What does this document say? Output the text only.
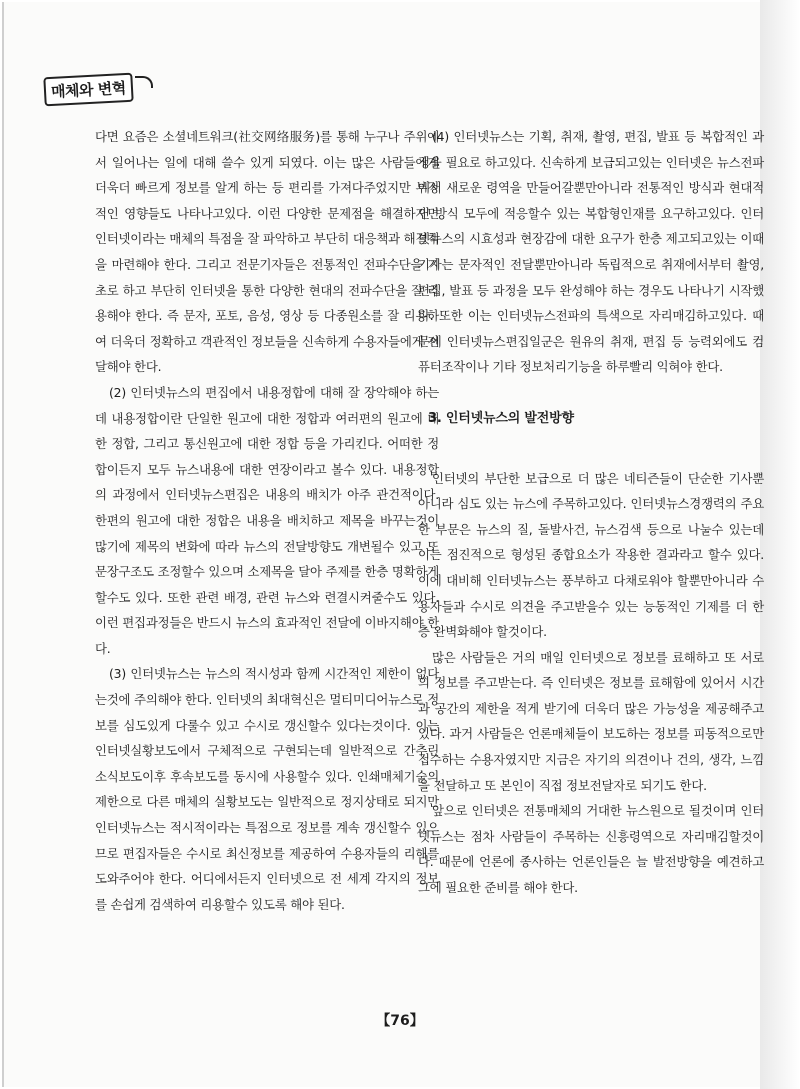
매체와 변혁

다면 요즘은 소셜네트워크(社交网络服务)를 통해 누구나 주위에서 일어나는 일에 대해 쓸수 있게 되였다. 이는 많은 사람들에게 더욱더 빠르게 정보를 알게 하는 등 편리를 가져다주었지만 부정적인 영향들도 나타나고있다. 이런 다양한 문제점을 해결하자면 인터넷이라는 매체의 특점을 잘 파악하고 부단히 대응책과 해결책을 마련해야 한다. 그리고 전문기자들은 전통적인 전파수단을 기초로 하고 부단히 인터넷을 통한 다양한 현대의 전파수단을 잘 리용해야 한다. 즉 문자, 포토, 음성, 영상 등 다종원소를 잘 리용하여 더욱더 정확하고 객관적인 정보들을 신속하게 수용자들에게 전달해야 한다.

(2) 인터넷뉴스의 편집에서 내용정합에 대해 잘 장악해야 하는데 내용정합이란 단일한 원고에 대한 정합과 여러편의 원고에 대한 정합, 그리고 통신원고에 대한 정합 등을 가리킨다. 어떠한 정합이든지 모두 뉴스내용에 대한 연장이라고 볼수 있다. 내용정합의 과정에서 인터넷뉴스편집은 내용의 배치가 아주 관건적이다. 한편의 원고에 대한 정합은 내용을 배치하고 제목을 바꾸는것이 많기에 제목의 변화에 따라 뉴스의 전달방향도 개변될수 있고 또 문장구조도 조정할수 있으며 소제목을 달아 주제를 한층 명확하게 할수도 있다. 또한 관련 배경, 관련 뉴스와 련결시켜줄수도 있다. 이런 편집과정들은 반드시 뉴스의 효과적인 전달에 이바지해야 한다.

(3) 인터넷뉴스는 뉴스의 적시성과 함께 시간적인 제한이 없다는것에 주의해야 한다. 인터넷의 최대혁신은 멀티미디어뉴스로 정보를 심도있게 다룰수 있고 수시로 갱신할수 있다는것이다. 이는 인터넷실황보도에서 구체적으로 구현되는데 일반적으로 간추린 소식보도이후 후속보도를 동시에 사용할수 있다. 인쇄매체기술의 제한으로 다른 매체의 실황보도는 일반적으로 정지상태로 되지만 인터넷뉴스는 적시적이라는 특점으로 정보를 계속 갱신할수 있으므로 편집자들은 수시로 최신정보를 제공하여 수용자들의 리해를 도와주어야 한다. 어디에서든지 인터넷으로 전 세계 각지의 정보를 손쉽게 검색하여 리용할수 있도록 해야 된다.

(4) 인터넷뉴스는 기획, 취재, 촬영, 편집, 발표 등 복합적인 과정을 필요로 하고있다. 신속하게 보급되고있는 인터넷은 뉴스전파에서 새로운 령역을 만들어갈뿐만아니라 전통적인 방식과 현대적인 방식 모두에 적응할수 있는 복합형인재를 요구하고있다. 인터넷뉴스의 시효성과 현장감에 대한 요구가 한층 제고되고있는 이때 기자는 문자적인 전달뿐만아니라 독립적으로 취재에서부터 촬영, 편집, 발표 등 과정을 모두 완성해야 하는 경우도 나타나기 시작했다. 또한 이는 인터넷뉴스전파의 특색으로 자리매김하고있다. 때문에 인터넷뉴스편집일군은 원유의 취재, 편집 등 능력외에도 컴퓨터조작이나 기타 정보처리기능을 하루빨리 익혀야 한다.

3. 인터넷뉴스의 발전방향

인터넷의 부단한 보급으로 더 많은 네티즌들이 단순한 기사뿐아니라 심도 있는 뉴스에 주목하고있다. 인터넷뉴스경쟁력의 주요한 부문은 뉴스의 질, 돌발사건, 뉴스검색 등으로 나눌수 있는데 이는 점진적으로 형성된 종합요소가 작용한 결과라고 할수 있다. 이에 대비해 인터넷뉴스는 풍부하고 다채로워야 할뿐만아니라 수용자들과 수시로 의견을 주고받을수 있는 능동적인 기제를 더 한층 완벽화해야 할것이다.

많은 사람들은 거의 매일 인터넷으로 정보를 료해하고 또 서로의 정보를 주고받는다. 즉 인터넷은 정보를 료해함에 있어서 시간과 공간의 제한을 적게 받기에 더욱더 많은 가능성을 제공해주고있다. 과거 사람들은 언론매체들이 보도하는 정보를 피동적으로만 접수하는 수용자였지만 지금은 자기의 의견이나 건의, 생각, 느낌을 전달하고 또 본인이 직접 정보전달자로 되기도 한다.

앞으로 인터넷은 전통매체의 거대한 뉴스원으로 될것이며 인터넷뉴스는 점차 사람들이 주목하는 신흥령역으로 자리매김할것이다. 때문에 언론에 종사하는 언론인들은 늘 발전방향을 예견하고 그에 필요한 준비를 해야 한다.

【76】
